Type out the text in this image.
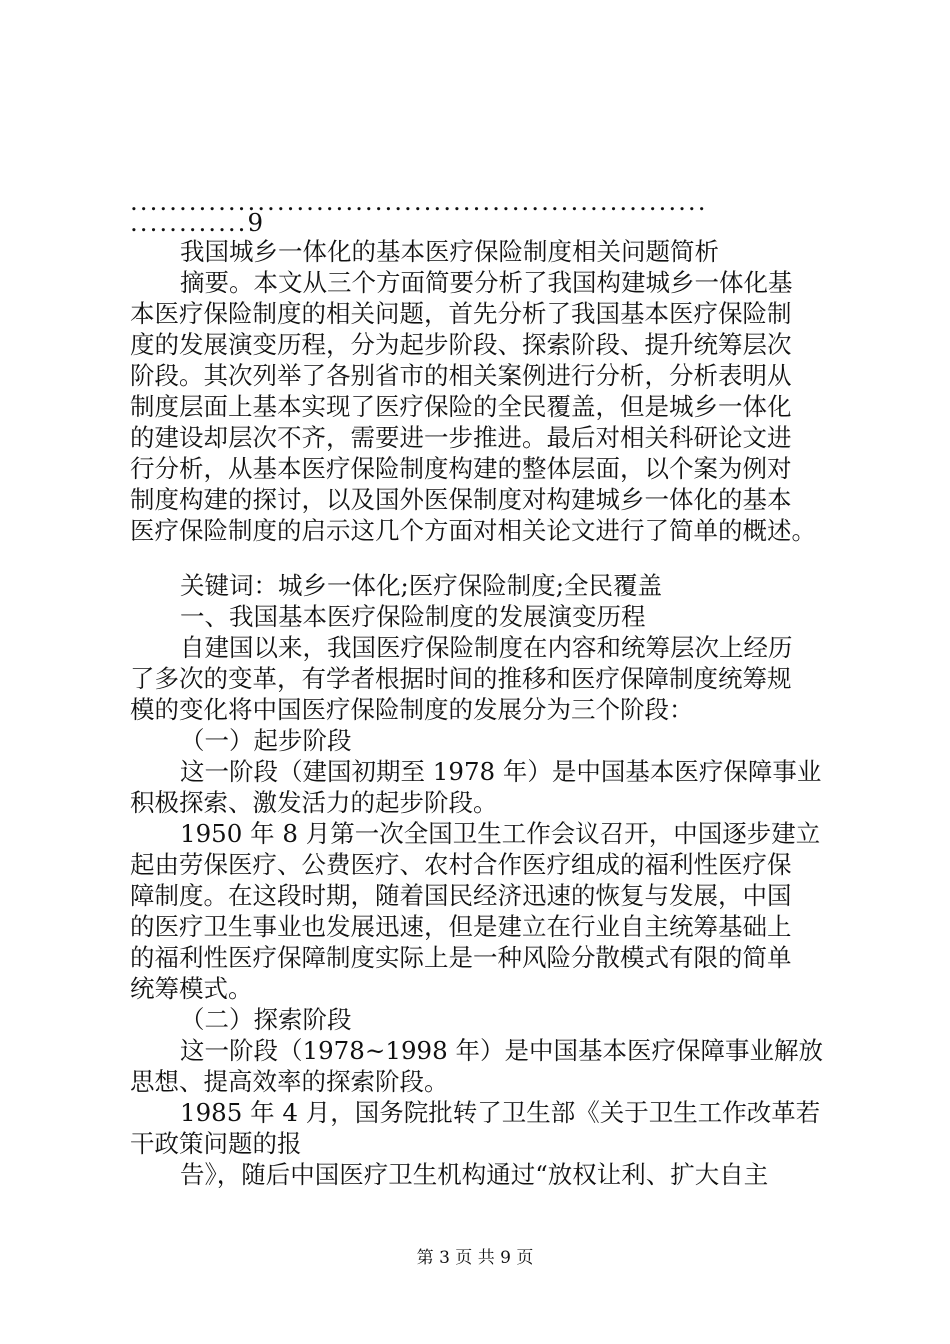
...........................................................
............9
我国城乡一体化的基本医疗保险制度相关问题简析
摘要。本文从三个方面简要分析了我国构建城乡一体化基
本医疗保险制度的相关问题，首先分析了我国基本医疗保险制
度的发展演变历程，分为起步阶段、探索阶段、提升统筹层次
阶段。其次列举了各别省市的相关案例进行分析，分析表明从
制度层面上基本实现了医疗保险的全民覆盖，但是城乡一体化
的建设却层次不齐，需要进一步推进。最后对相关科研论文进
行分析，从基本医疗保险制度构建的整体层面，以个案为例对
制度构建的探讨，以及国外医保制度对构建城乡一体化的基本
医疗保险制度的启示这几个方面对相关论文进行了简单的概述。
关键词：城乡一体化;医疗保险制度;全民覆盖
一、我国基本医疗保险制度的发展演变历程
自建国以来，我国医疗保险制度在内容和统筹层次上经历
了多次的变革，有学者根据时间的推移和医疗保障制度统筹规
模的变化将中国医疗保险制度的发展分为三个阶段：
（一）起步阶段
这一阶段（建国初期至 1978 年）是中国基本医疗保障事业
积极探索、激发活力的起步阶段。
1950 年 8 月第一次全国卫生工作会议召开，中国逐步建立
起由劳保医疗、公费医疗、农村合作医疗组成的福利性医疗保
障制度。在这段时期，随着国民经济迅速的恢复与发展，中国
的医疗卫生事业也发展迅速，但是建立在行业自主统筹基础上
的福利性医疗保障制度实际上是一种风险分散模式有限的简单
统筹模式。
（二）探索阶段
这一阶段（1978~1998 年）是中国基本医疗保障事业解放
思想、提高效率的探索阶段。
1985 年 4 月，国务院批转了卫生部《关于卫生工作改革若
干政策问题的报
告》，随后中国医疗卫生机构通过“放权让利、扩大自主
第 3 页 共 9 页
